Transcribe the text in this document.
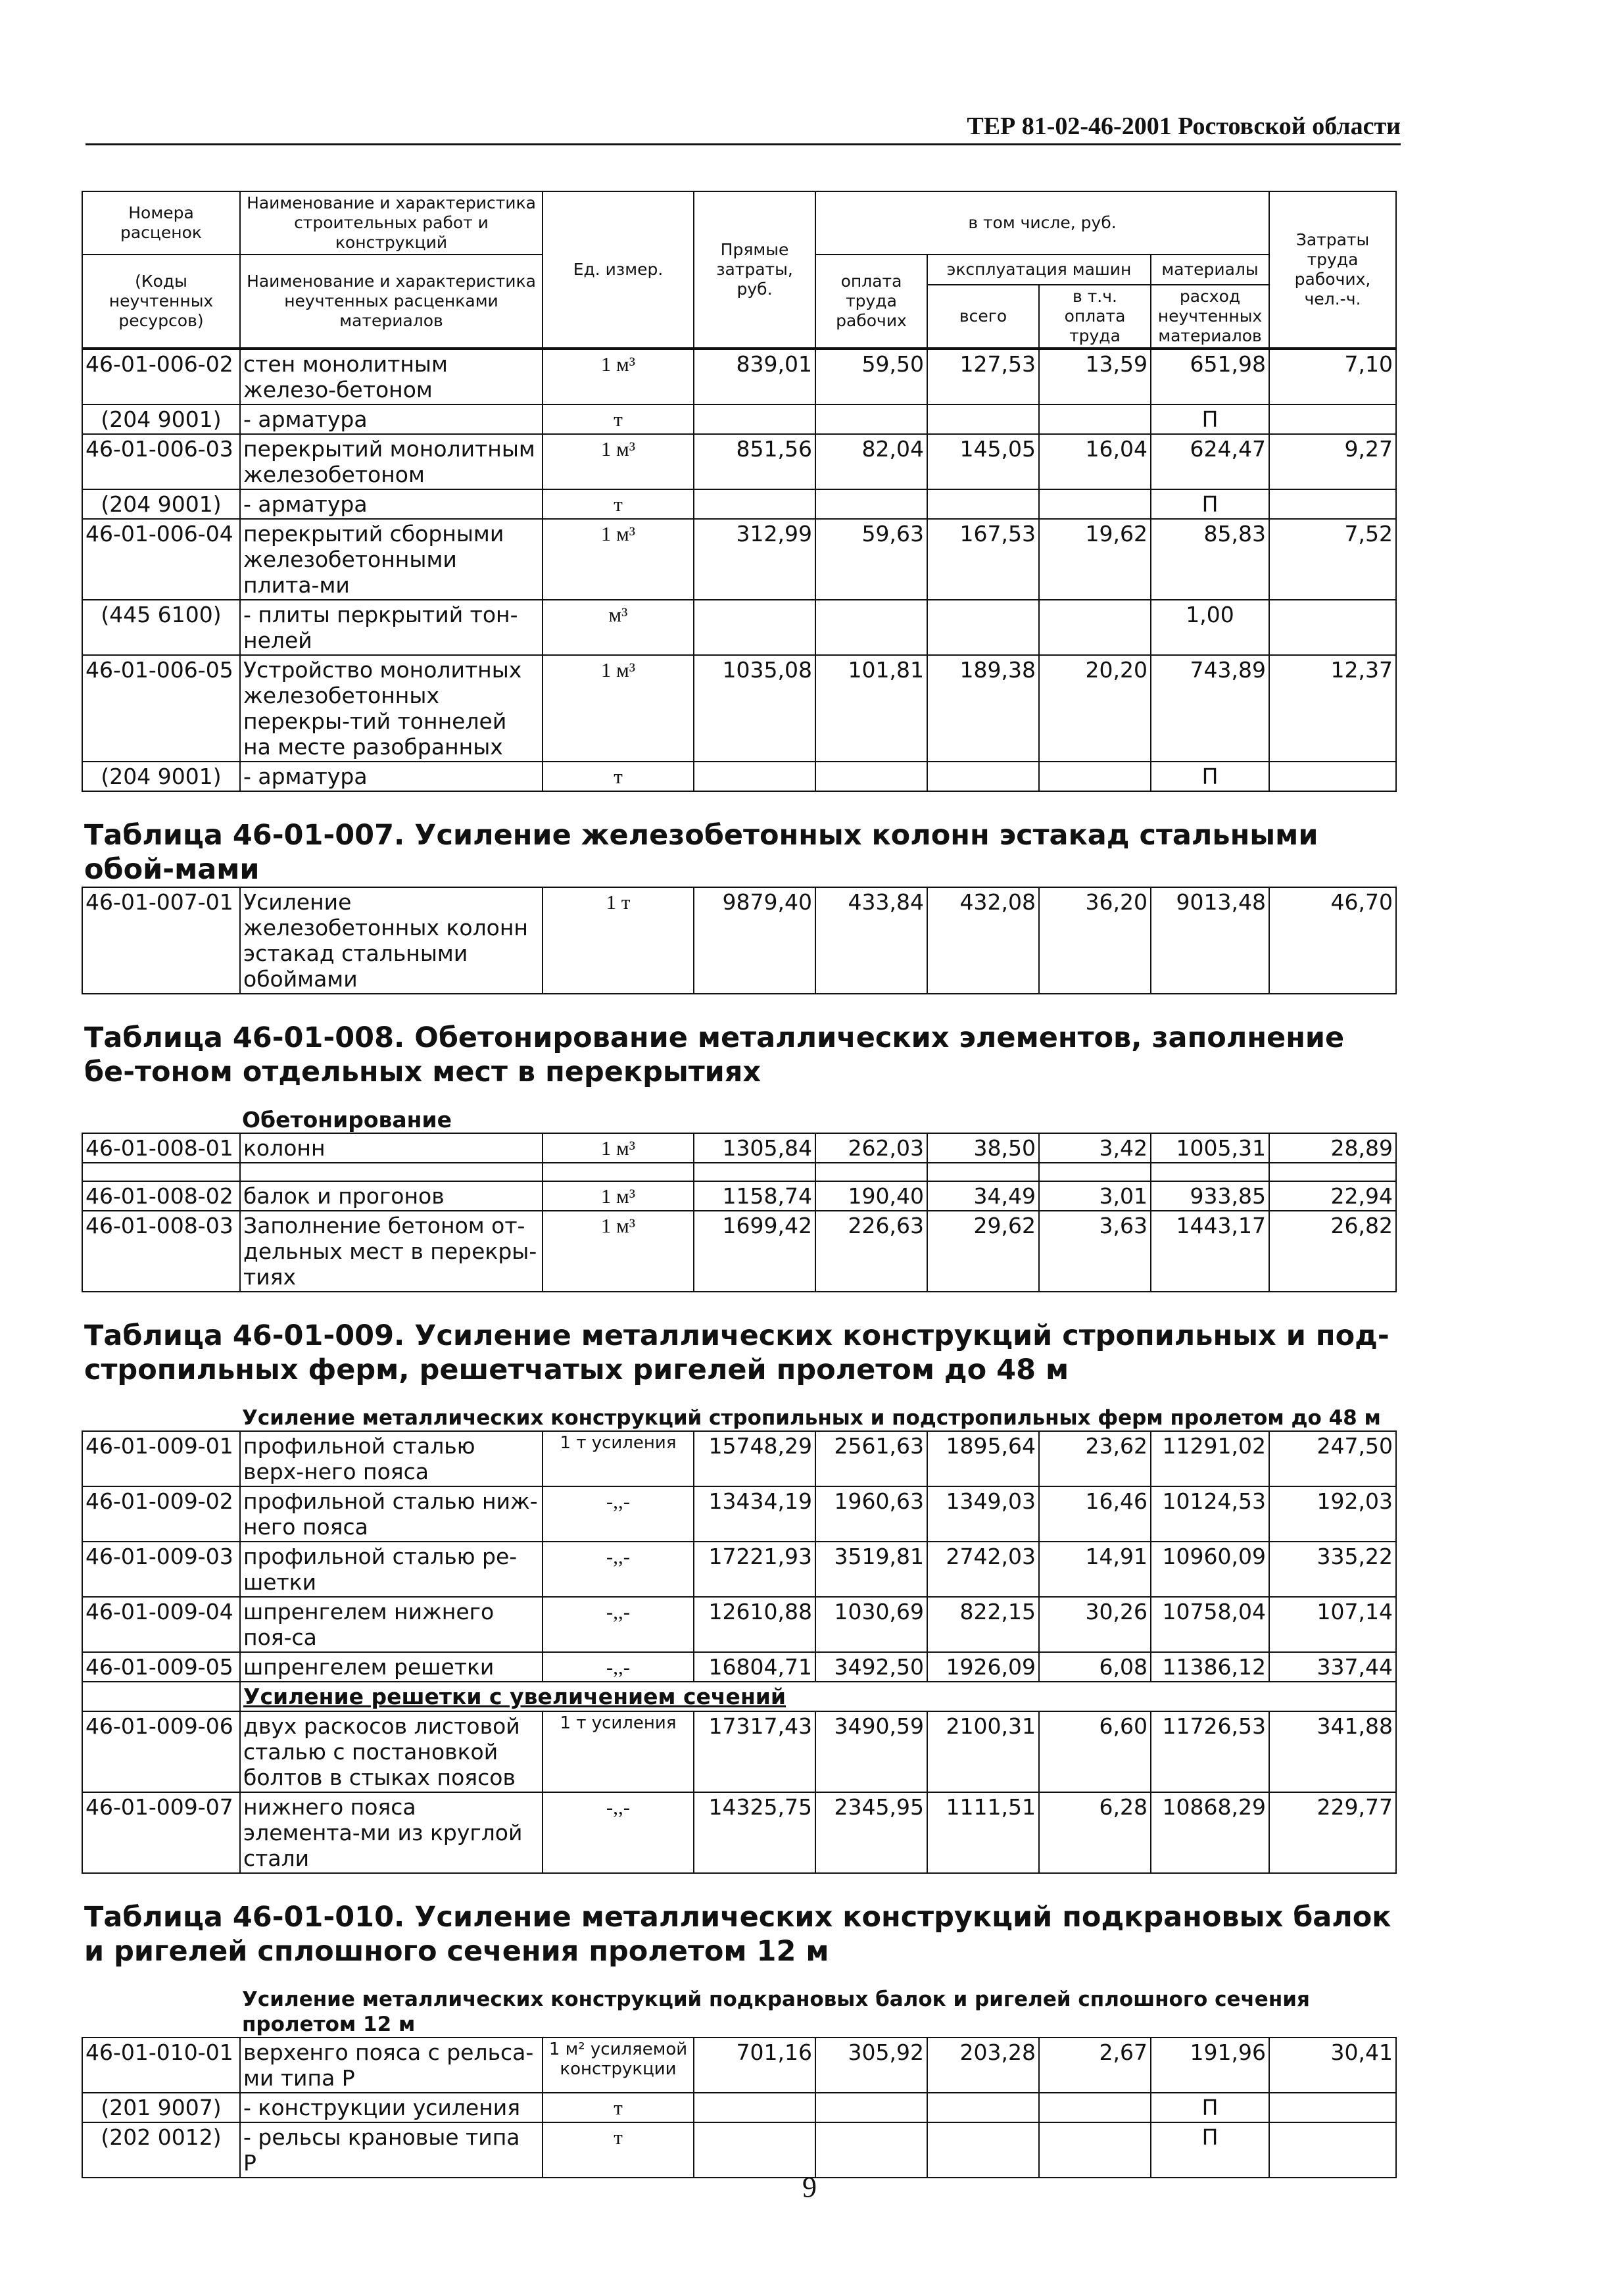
ТЕР 81-02-46-2001 Ростовской области
Номера расценок	Наименование и характеристика строительных работ и конструкций	Ед. измер.	Прямые затраты, руб.	в том числе, руб.				Затраты труда рабочих, чел.-ч.
(Коды неучтенных ресурсов)	Наименование и характеристика неучтенных расценками материалов			оплата труда рабочих	эксплуатация машин		материалы	
					всего	в т.ч. оплата труда	расход неучтенных материалов	
46-01-006-02	стен монолитным железо-бетоном	1 м³	839,01	59,50	127,53	13,59	651,98	7,10
(204 9001)	- арматура	т					П	
46-01-006-03	перекрытий монолитным железобетоном	1 м³	851,56	82,04	145,05	16,04	624,47	9,27
(204 9001)	- арматура	т					П	
46-01-006-04	перекрытий сборными железобетонными плита-ми	1 м³	312,99	59,63	167,53	19,62	85,83	7,52
(445 6100)	- плиты перкрытий тон-нелей	м³					1,00	
46-01-006-05	Устройство монолитных железобетонных перекры-тий тоннелей на месте разобранных	1 м³	1035,08	101,81	189,38	20,20	743,89	12,37
(204 9001)	- арматура	т					П	
Таблица 46-01-007. Усиление железобетонных колонн эстакад стальными обой-мами
46-01-007-01	Усиление железобетонных колонн эстакад стальными обоймами	1 т	9879,40	433,84	432,08	36,20	9013,48	46,70
Таблица 46-01-008. Обетонирование металлических элементов, заполнение бе-тоном отдельных мест в перекрытиях
Обетонирование
46-01-008-01	колонн	1 м³	1305,84	262,03	38,50	3,42	1005,31	28,89

46-01-008-02	балок и прогонов	1 м³	1158,74	190,40	34,49	3,01	933,85	22,94
46-01-008-03	Заполнение бетоном от-дельных мест в перекры-тиях	1 м³	1699,42	226,63	29,62	3,63	1443,17	26,82
Таблица 46-01-009. Усиление металлических конструкций стропильных и под-стропильных ферм, решетчатых ригелей пролетом до 48 м
Усиление металлических конструкций стропильных и подстропильных ферм пролетом до 48 м
46-01-009-01	профильной сталью верх-него пояса	1 т усиления	15748,29	2561,63	1895,64	23,62	11291,02	247,50
46-01-009-02	профильной сталью ниж-него пояса	-,,-	13434,19	1960,63	1349,03	16,46	10124,53	192,03
46-01-009-03	профильной сталью ре-шетки	-,,-	17221,93	3519,81	2742,03	14,91	10960,09	335,22
46-01-009-04	шпренгелем нижнего поя-са	-,,-	12610,88	1030,69	822,15	30,26	10758,04	107,14
46-01-009-05	шпренгелем решетки	-,,-	16804,71	3492,50	1926,09	6,08	11386,12	337,44
	Усиление решетки с увеличением сечений							
46-01-009-06	двух раскосов листовой сталью с постановкой болтов в стыках поясов	1 т усиления	17317,43	3490,59	2100,31	6,60	11726,53	341,88
46-01-009-07	нижнего пояса элемента-ми из круглой стали	-,,-	14325,75	2345,95	1111,51	6,28	10868,29	229,77
Таблица 46-01-010. Усиление металлических конструкций подкрановых балок и ригелей сплошного сечения пролетом 12 м
Усиление металлических конструкций подкрановых балок и ригелей сплошного сечения пролетом 12 м
46-01-010-01	верхенго пояса с рельса-ми типа Р	1 м² усиляемой конструкции	701,16	305,92	203,28	2,67	191,96	30,41
(201 9007)	- конструкции усиления	т					П	
(202 0012)	- рельсы крановые типа Р	т					П	
9
